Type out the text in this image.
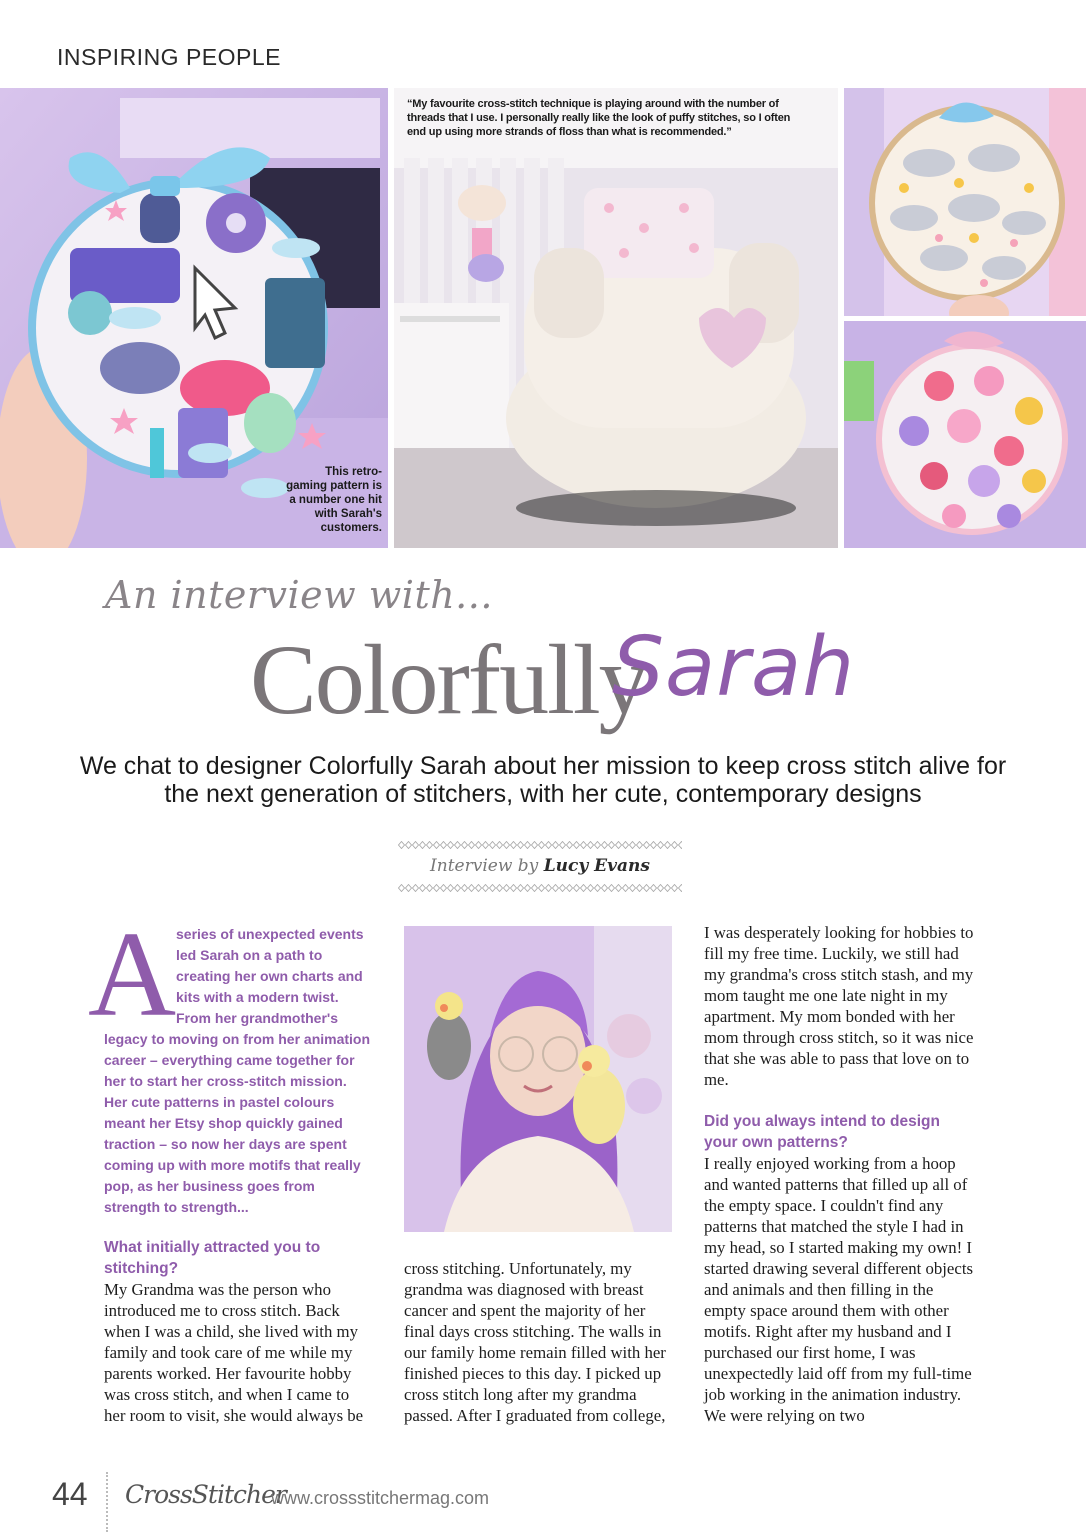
INSPIRING PEOPLE
This retro-gaming pattern is a number one hit with Sarah's customers.
“My favourite cross-stitch technique is playing around with the number of threads that I use. I personally really like the look of puffy stitches, so I often end up using more strands of floss than what is recommended.”
An interview with...
Colorfully
Sarah
We chat to designer Colorfully Sarah about her mission to keep cross stitch alive for the next generation of stitchers, with her cute, contemporary designs
Interview by Lucy Evans
A series of unexpected events led Sarah on a path to creating her own charts and kits with a modern twist. From her grandmother's
legacy to moving on from her animation career – everything came together for her to start her cross-stitch mission. Her cute patterns in pastel colours meant her Etsy shop quickly gained traction – so now her days are spent coming up with more motifs that really pop, as her business goes from strength to strength...

What initially attracted you to stitching?

My Grandma was the person who introduced me to cross stitch. Back when I was a child, she lived with my family and took care of me while my parents worked. Her favourite hobby was cross stitch, and when I came to her room to visit, she would always be

cross stitching. Unfortunately, my grandma was diagnosed with breast cancer and spent the majority of her final days cross stitching. The walls in our family home remain filled with her finished pieces to this day. I picked up cross stitch long after my grandma passed. After I graduated from college,

I was desperately looking for hobbies to fill my free time. Luckily, we still had my grandma's cross stitch stash, and my mom taught me one late night in my apartment. My mom bonded with her mom through cross stitch, so it was nice that she was able to pass that love on to me.

Did you always intend to design your own patterns?

I really enjoyed working from a hoop and wanted patterns that filled up all of the empty space. I couldn't find any patterns that matched the style I had in my head, so I started making my own! I started drawing several different objects and animals and then filling in the empty space around them with other motifs. Right after my husband and I purchased our first home, I was unexpectedly laid off from my full-time job working in the animation industry. We were relying on two

44 CrossStitcher
www.crossstitchermag.com
